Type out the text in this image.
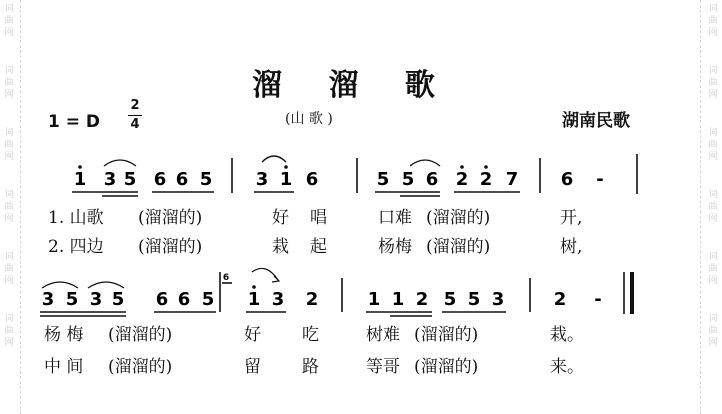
词
曲
网
词
曲
网
词
曲
网
词
曲
网
词
曲
网
词
曲
网
词
曲
网
词
曲
网
词
曲
网
词
曲
网
词
曲
网
词
曲
网
溜 溜 歌
1 = D
2
4	(山 歌 )	湖南民歌
1 3 5 6 6 5 3 1 6	5 5 6 2 2 7 6 -
3 5 3 5 6 6 5 1 3 2	1 1 2 5 5 3	2 -
6
1. 山歌 (溜溜的)	好 唱	口难 (溜溜的)	开,
2. 四边 (溜溜的)	栽 起	杨梅 (溜溜的)	树,
杨 梅 (溜溜的)	好 吃	树难 (溜溜的)	栽。
中 间 (溜溜的)	留 路	等哥 (溜溜的)	来。
